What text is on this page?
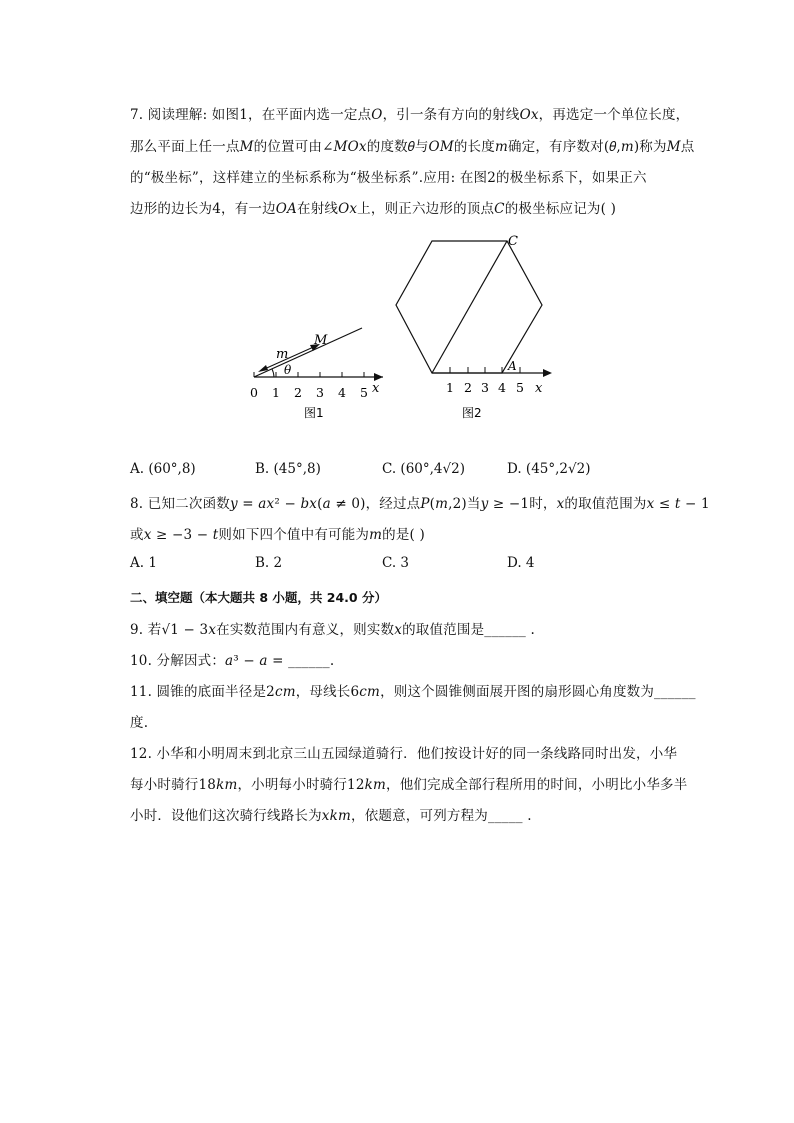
7. 阅读理解: 如图1，在平面内选一定点𝑂，引一条有方向的射线𝑂𝑥，再选定一个单位长度，
那么平面上任一点𝑀的位置可由∠𝑀𝑂𝑥的度数𝜃与𝑂𝑀的长度𝑚确定，有序数对(𝜃,𝑚)称为𝑀点
的“极坐标”，这样建立的坐标系称为“极坐标系”.应用: 在图2的极坐标系下，如果正六
边形的边长为4，有一边𝑂𝐴在射线𝑂𝑥上，则正六边形的顶点𝐶的极坐标应记为( )
m
M
θ
x
0 1 2 3 4 5
图1
C
A
1 2 3 4 5 x
图2
A. (60°,8)	B. (45°,8)	C. (60°,4√2)	D. (45°,2√2)
8. 已知二次函数𝑦 = 𝑎𝑥² − 𝑏𝑥(𝑎 ≠ 0)，经过点𝑃(𝑚,2)当𝑦 ≥ −1时，𝑥的取值范围为𝑥 ≤ 𝑡 − 1
或𝑥 ≥ −3 − 𝑡则如下四个值中有可能为𝑚的是( )
A. 1	B. 2	C. 3	D. 4
二、填空题（本大题共 8 小题，共 24.0 分）
9. 若√1 − 3𝑥在实数范围内有意义，则实数𝑥的取值范围是______ .
10. 分解因式：𝑎³ − 𝑎 = ______.
11. 圆锥的底面半径是2𝑐𝑚，母线长6𝑐𝑚，则这个圆锥侧面展开图的扇形圆心角度数为______
度.
12. 小华和小明周末到北京三山五园绿道骑行．他们按设计好的同一条线路同时出发，小华
每小时骑行18𝑘𝑚，小明每小时骑行12𝑘𝑚，他们完成全部行程所用的时间，小明比小华多半
小时．设他们这次骑行线路长为𝑥𝑘𝑚，依题意，可列方程为_____ .
